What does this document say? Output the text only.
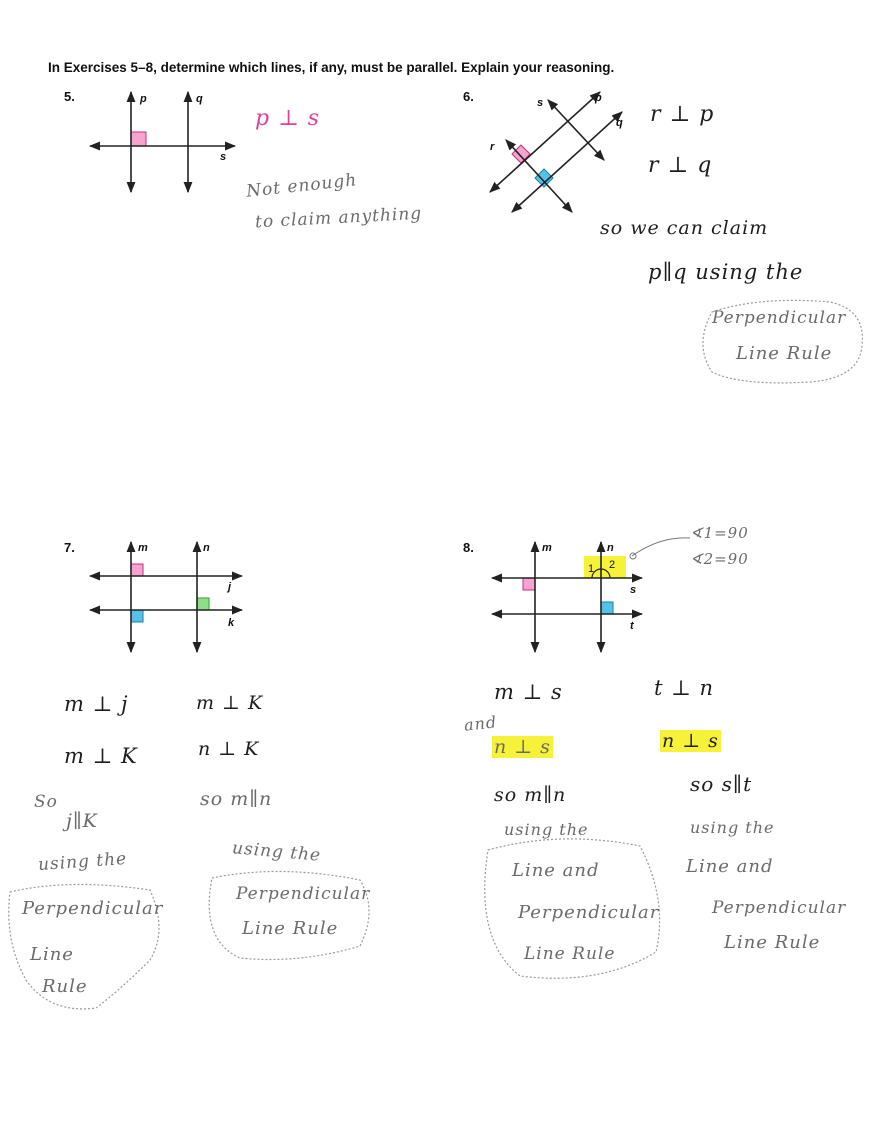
In Exercises 5–8, determine which lines, if any, must be parallel. Explain your reasoning.
5.	p	q
s
p ⊥ s
Not enough
to claim anything
6.	s	p
q
r
r ⊥ p
r ⊥ q
so we can claim
p∥q using the
Perpendicular
Line Rule
7.	m	n
j
k
m ⊥ j
m ⊥ K
So
j∥K
using the
Perpendicular
Line
Rule
m ⊥ K
n ⊥ K
so m∥n
using the
Perpendicular
Line Rule
8.	m	n
s
t
1 2
∢1=90
∢2=90
m ⊥ s
and
n ⊥ s
so m∥n
using the
Line and
Perpendicular
Line Rule
t ⊥ n
n ⊥ s
so s∥t
using the
Line and
Perpendicular
Line Rule
